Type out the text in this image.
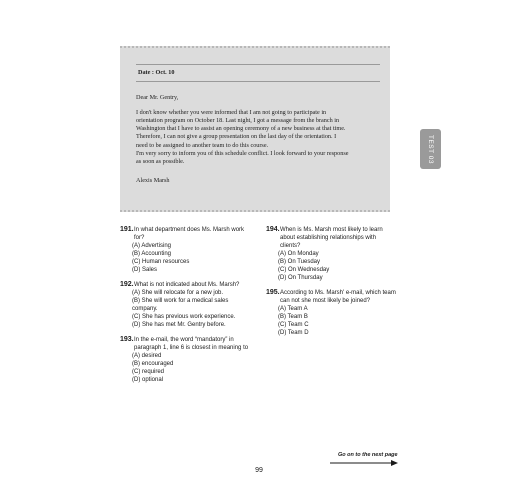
Date : Oct. 10
Dear Mr. Gentry,

I don't know whether you were informed that I am not going to participate in

orientation program on October 18. Last night, I got a message from the branch in

Washington that I have to assist an opening ceremony of a new business at that time.

Therefore, I can not give a group presentation on the last day of the orientation. I

need to be assigned to another team to do this course.

I'm very sorry to inform you of this schedule conflict. I look forward to your response

as soon as possible.

Alexis Marsh
TEST 03
191. In what department does Ms. Marsh work for?
(A) Advertising
(B) Accounting
(C) Human resources
(D) Sales
192. What is not indicated about Ms. Marsh?
(A) She will relocate for a new job.
(B) She will work for a medical sales company.
(C) She has previous work experience.
(D) She has met Mr. Gentry before.
193. In the e-mail, the word “mandatory” in paragraph 1, line 6 is closest in meaning to
(A) desired
(B) encouraged
(C) required
(D) optional
194. When is Ms. Marsh most likely to learn about establishing relationships with clients?
(A) On Monday
(B) On Tuesday
(C) On Wednesday
(D) On Thursday
195. According to Ms. Marsh' e-mail, which team can not she most likely be joined?
(A) Team A
(B) Team B
(C) Team C
(D) Team D
Go on to the next page
99
